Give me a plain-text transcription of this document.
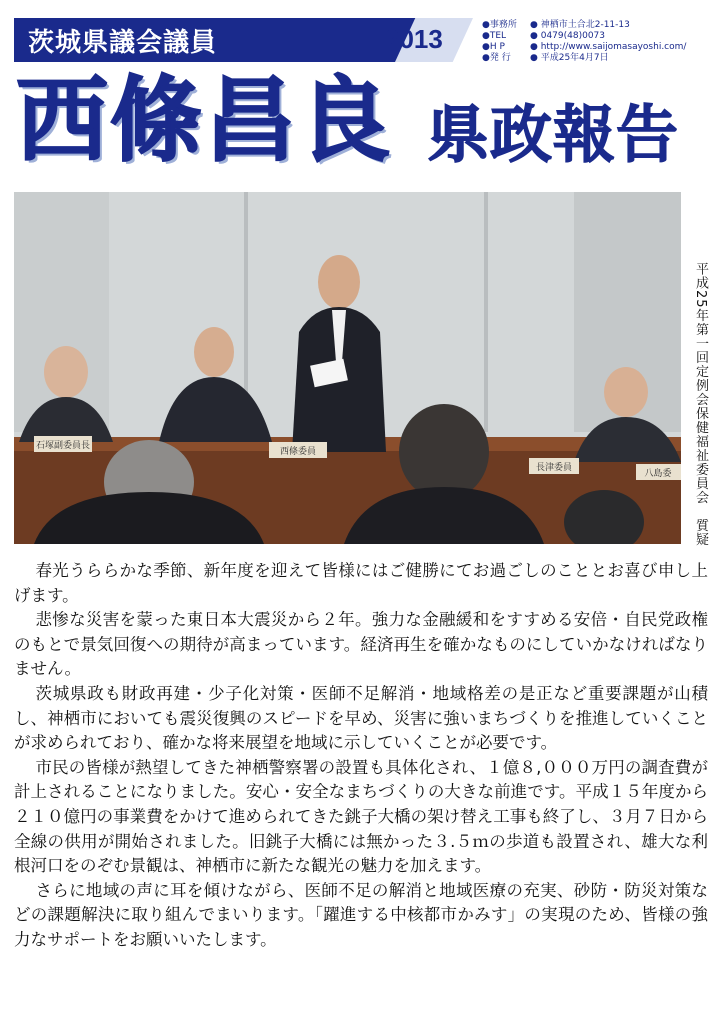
茨城県議会議員	2013	●事務所	● 神栖市土合北2-11-13
●TEL	● 0479(48)0073
●H P	● http://www.saijomasayoshi.com/
●発 行	● 平成25年4月7日
西條昌良 県政報告
石塚副委員長
西條委員
長津委員
八島委 平成25年第一回定例会保健福祉委員会　質疑

春光うららかな季節、新年度を迎えて皆様にはご健勝にてお過ごしのこととお喜び申し上げます。

悲惨な災害を蒙った東日本大震災から２年。強力な金融緩和をすすめる安倍・自民党政権のもとで景気回復への期待が高まっています。経済再生を確かなものにしていかなければなりません。

茨城県政も財政再建・少子化対策・医師不足解消・地域格差の是正など重要課題が山積し、神栖市においても震災復興のスピードを早め、災害に強いまちづくりを推進していくことが求められており、確かな将来展望を地域に示していくことが必要です。

市民の皆様が熱望してきた神栖警察署の設置も具体化され、１億８,０００万円の調査費が計上されることになりました。安心・安全なまちづくりの大きな前進です。平成１５年度から２１０億円の事業費をかけて進められてきた銚子大橋の架け替え工事も終了し、３月７日から全線の供用が開始されました。旧銚子大橋には無かった３.５ｍの歩道も設置され、雄大な利根河口をのぞむ景観は、神栖市に新たな観光の魅力を加えます。

さらに地域の声に耳を傾けながら、医師不足の解消と地域医療の充実、砂防・防災対策などの課題解決に取り組んでまいります。「躍進する中核都市かみす」の実現のため、皆様の強力なサポートをお願いいたします。
